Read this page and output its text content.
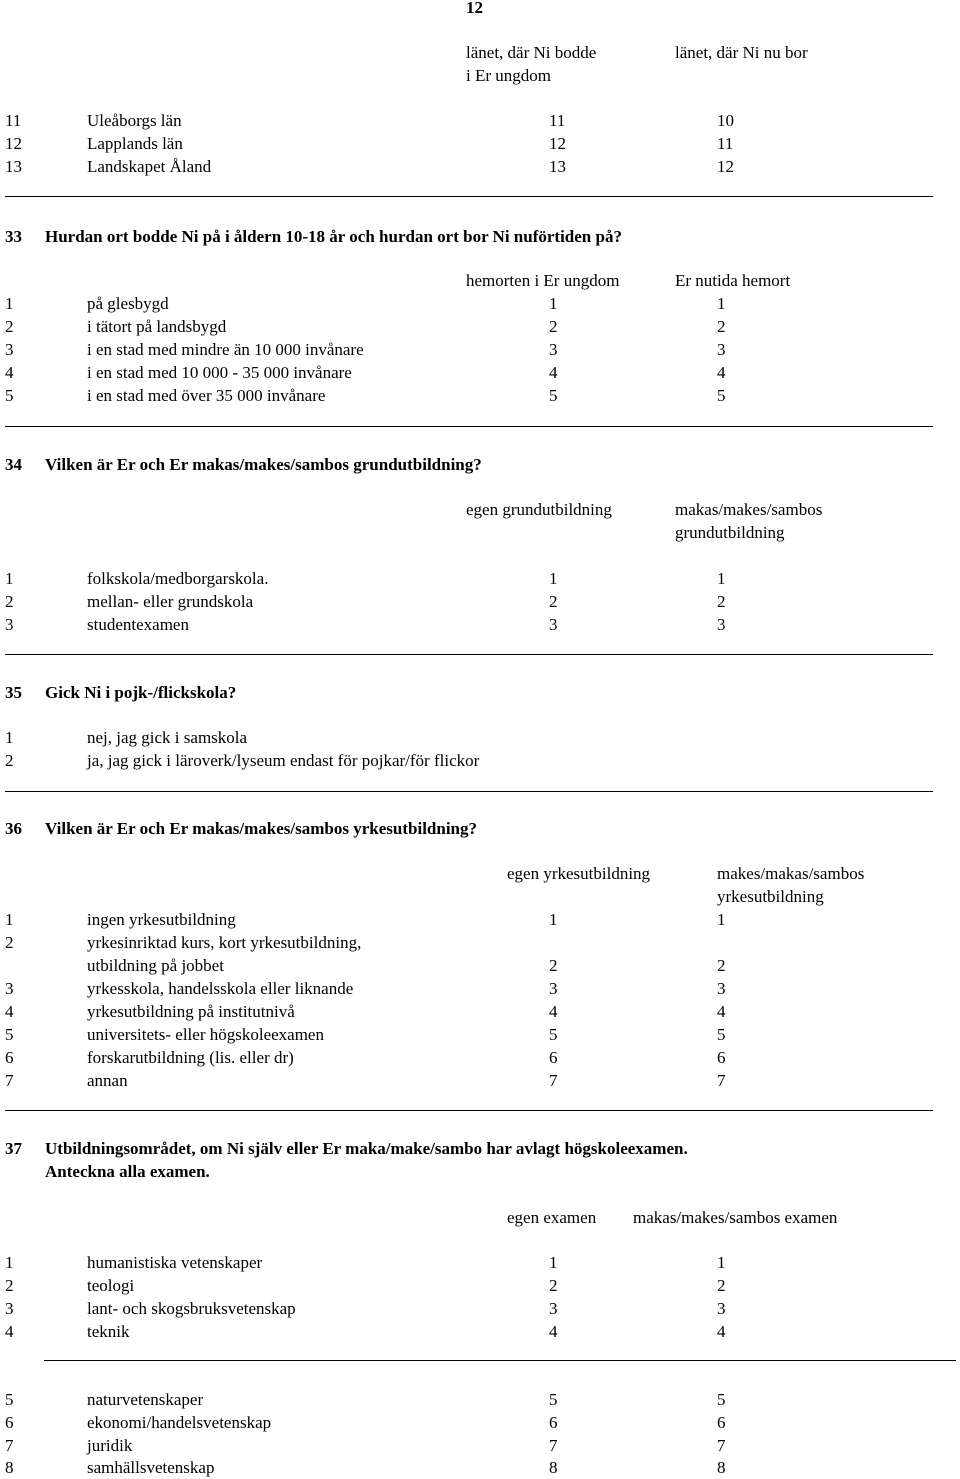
12
länet, där Ni bodde
i Er ungdom
länet, där Ni nu bor
11	Uleåborgs län	11	10
12	Lapplands län	12	11
13	Landskapet Åland	13	12
33 Hurdan ort bodde Ni på i åldern 10-18 år och hurdan ort bor Ni nuförtiden på?
hemorten i Er ungdom	Er nutida hemort
1	på glesbygd	1	1
2	i tätort på landsbygd	2	2
3	i en stad med mindre än 10 000 invånare	3	3
4	i en stad med 10 000 - 35 000 invånare	4	4
5	i en stad med över 35 000 invånare	5	5
34 Vilken är Er och Er makas/makes/sambos grundutbildning?
egen grundutbildning	makas/makes/sambos
grundutbildning
1	folkskola/medborgarskola.	1	1
2	mellan- eller grundskola	2	2
3	studentexamen	3	3
35 Gick Ni i pojk-/flickskola?
1	nej, jag gick i samskola
2	ja, jag gick i läroverk/lyseum endast för pojkar/för flickor
36 Vilken är Er och Er makas/makes/sambos yrkesutbildning?
egen yrkesutbildning	makes/makas/sambos
yrkesutbildning
1	ingen yrkesutbildning	1	1
2	yrkesinriktad kurs, kort yrkesutbildning,
utbildning på jobbet	2	2
3	yrkesskola, handelsskola eller liknande	3	3
4	yrkesutbildning på institutnivå	4	4
5	universitets- eller högskoleexamen	5	5
6	forskarutbildning (lis. eller dr)	6	6
7	annan	7	7
37 Utbildningsområdet, om Ni själv eller Er maka/make/sambo har avlagt högskoleexamen.
Anteckna alla examen.
egen examen makas/makes/sambos examen
1	humanistiska vetenskaper	1	1
2	teologi	2	2
3	lant- och skogsbruksvetenskap	3	3
4	teknik	4	4
5	naturvetenskaper	5	5
6	ekonomi/handelsvetenskap	6	6
7	juridik	7	7
8	samhällsvetenskap	8	8
